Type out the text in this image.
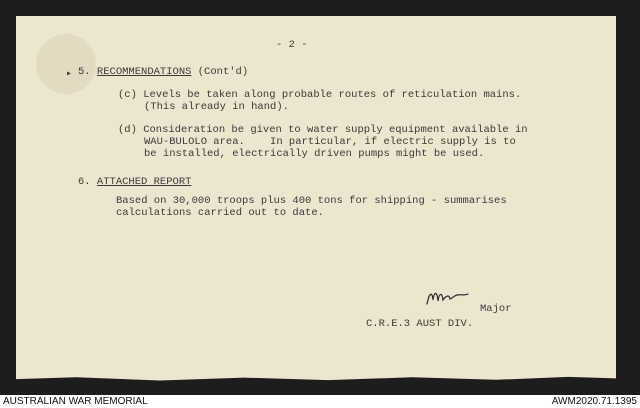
- 2 -

▸ 5. RECOMMENDATIONS (Cont'd)

(c) Levels be taken along probable routes of reticulation mains.

(This already in hand).

(d) Consideration be given to water supply equipment available in

WAU-BULOLO area.    In particular, if electric supply is to

be installed, electrically driven pumps might be used.

6. ATTACHED REPORT

Based on 30,000 troops plus 400 tons for shipping - summarises

calculations carried out to date.

Major

C.R.E.3 AUST DIV.

AUSTRALIAN WAR MEMORIAL	AWM2020.71.1395
